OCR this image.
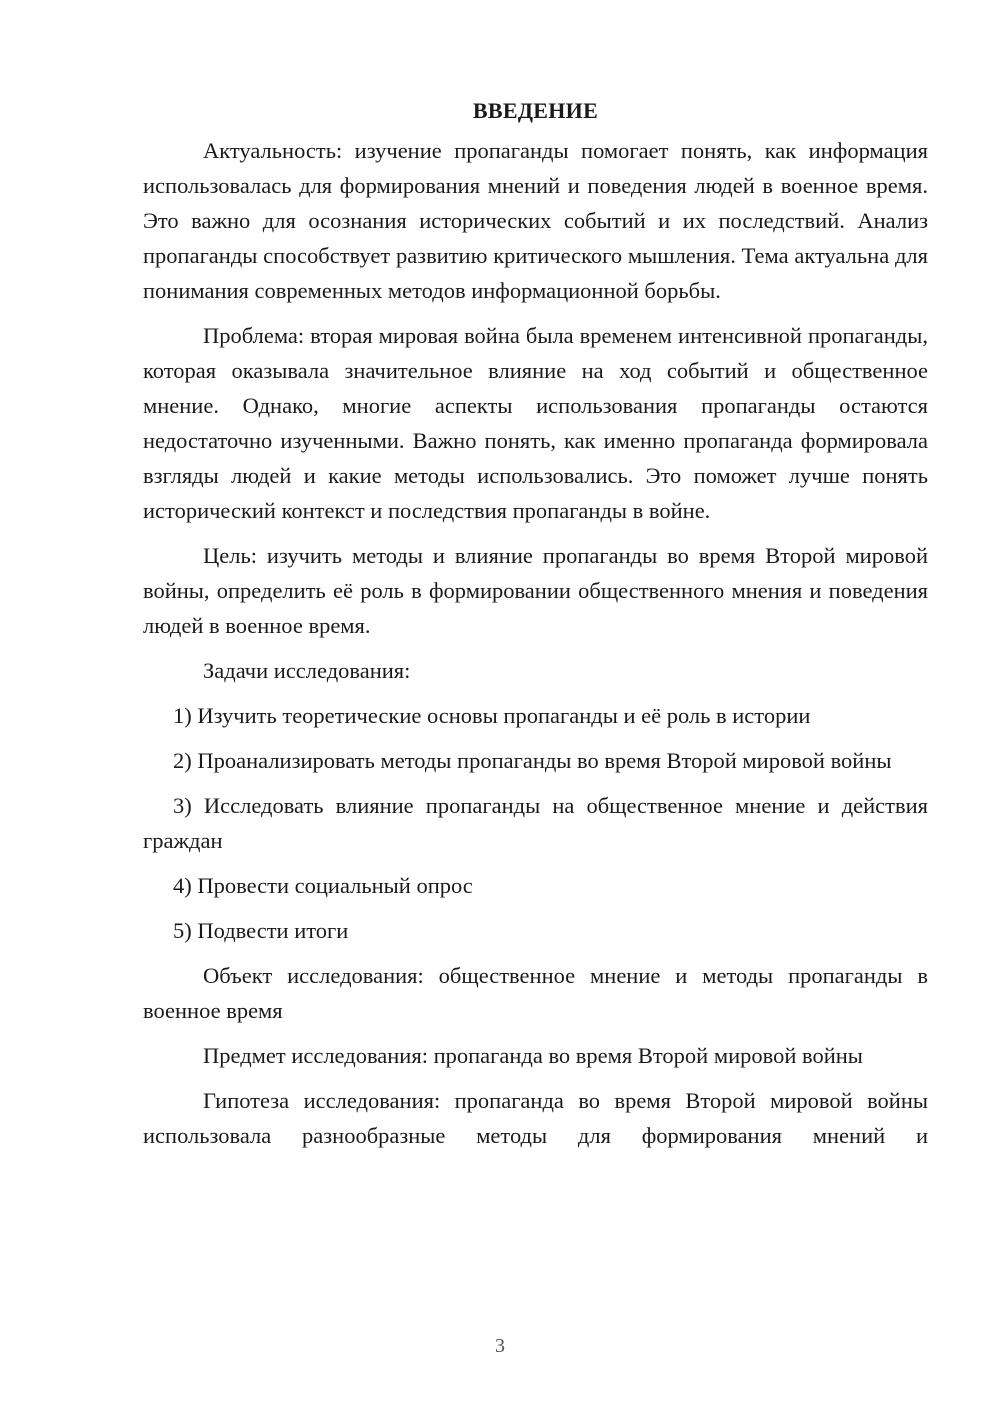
ВВЕДЕНИЕ

Актуальность: изучение пропаганды помогает понять, как информация использовалась для формирования мнений и поведения людей в военное время. Это важно для осознания исторических событий и их последствий. Анализ пропаганды способствует развитию критического мышления. Тема актуальна для понимания современных методов информационной борьбы.

Проблема: вторая мировая война была временем интенсивной пропаганды, которая оказывала значительное влияние на ход событий и общественное мнение. Однако, многие аспекты использования пропаганды остаются недостаточно изученными. Важно понять, как именно пропаганда формировала взгляды людей и какие методы использовались. Это поможет лучше понять исторический контекст и последствия пропаганды в войне.

Цель: изучить методы и влияние пропаганды во время Второй мировой войны, определить её роль в формировании общественного мнения и поведения людей в военное время.

Задачи исследования:

1) Изучить теоретические основы пропаганды и её роль в истории

2) Проанализировать методы пропаганды во время Второй мировой войны

3) Исследовать влияние пропаганды на общественное мнение и действия граждан

4) Провести социальный опрос

5) Подвести итоги

Объект исследования: общественное мнение и методы пропаганды в военное время

Предмет исследования: пропаганда во время Второй мировой войны

Гипотеза исследования: пропаганда во время Второй мировой войны использовала разнообразные методы для формирования мнений и

3
